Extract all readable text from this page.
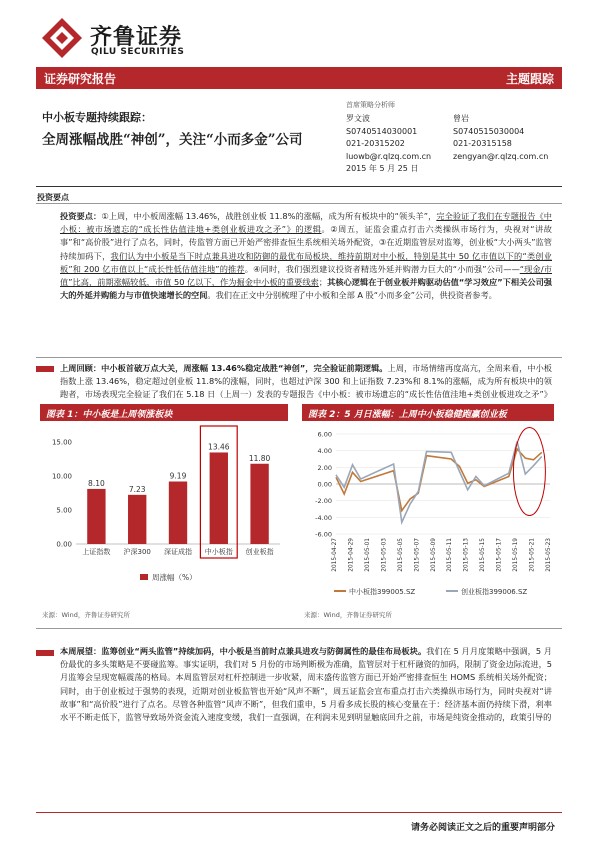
齐鲁证券
QILU SECURITIES
证券研究报告	主题跟踪
中小板专题持续跟踪：
全周涨幅战胜“神创”，关注“小而多金”公司
首席策略分析师
罗文波
S0740514030001
021-20315202
luowb@r.qlzq.com.cn
2015 年 5 月 25 日
曾岩
S0740515030004
021-20315158
zengyan@r.qlzq.com.cn
投资要点
投资要点：①上周，中小板周涨幅 13.46%，战胜创业板 11.8%的涨幅，成为所有板块中的“领头羊”，完全验证了我们在专题报告《中小板：被市场遗忘的“成长性估值洼地+类创业板进攻之矛”》的逻辑。②周五，证监会重点打击六类操纵市场行为，央视对“讲故事”和“高价股”进行了点名，同时，传监管方面已开始严密排查恒生系统相关场外配资，③在近期监管层对监筹，创业板“大小两头”监管持续加码下，我们认为中小板是当下时点兼具进攻和防御的最优布局板块，维持前期对中小板，特别是其中 50 亿市值以下的“类创业板”和 200 亿市值以上“成长性低估值洼地”的推荐。④同时，我们强烈建议投资者精选外延并购潜力巨大的“小而强”公司——“现金/市值”比高，前期涨幅较低，市值 50 亿以下，作为掘金中小板的重要线索；其核心逻辑在于创业板并购驱动估值“学习效应”下相关公司强大的外延并购能力与市值快速增长的空间。我们在正文中分别梳理了中小板和全部 A 股“小而多金”公司，供投资者参考。
上周回顾：中小板首破万点大关，周涨幅 13.46%稳定战胜“神创”，完全验证前期逻辑。上周，市场情绪再度高亢，全周来看，中小板指数上涨 13.46%，稳定超过创业板 11.8%的涨幅，同时，也超过沪深 300 和上证指数 7.23%和 8.1%的涨幅，成为所有板块中的领跑者，市场表现完全验证了我们在 5.18 日（上周一）发表的专题报告《中小板：被市场遗忘的“成长性估值洼地+类创业板进攻之矛”》
图表 1：中小板是上周领涨板块	图表 2：5 月日涨幅：上周中小板稳健跑赢创业板
0.00
5.00
10.00
15.00
8.10
上证指数
7.23
沪深300
9.19
深证成指
13.46
中小板指
11.80
创业板指
周涨幅（%）
-6.00
-4.00
-2.00
0.00
2.00
4.00
6.00
2015-04-27 2015-04-29 2015-05-01 2015-05-03 2015-05-05 2015-05-07 2015-05-09 2015-05-11 2015-05-13 2015-05-15 2015-05-17 2015-05-19 2015-05-21 2015-05-23
中小板指399005.SZ	创业板指399006.SZ
来源：Wind，齐鲁证券研究所	来源：Wind，齐鲁证券研究所
本周展望：监筹创业“两头监管”持续加码，中小板是当前时点兼具进攻与防御属性的最佳布局板块。我们在 5 月月度策略中强调，5 月份最优的多头策略是不要碰监筹。事实证明，我们对 5 月份的市场判断极为准确，监管层对于杠杆融资的加码，限制了资金边际流进，5 月监筹会呈现宽幅震荡的格局。本周监管层对杠杆控制进一步收紧，周末盛传监管方面已开始严密排查恒生 HOMS 系统相关场外配资；同时，由于创业板过于强势的表现，近期对创业板监管也开始“风声不断”，周五证监会宣布重点打击六类操纵市场行为，同时央视对“讲故事”和“高价股”进行了点名。尽管各种监管“风声不断”，但我们重申，5 月看多成长股的核心变量在于：经济基本面仍持续下滑，利率水平不断走低下，监管导致场外资金流入速度变缓，我们一直强调，在利润未见到明显触底回升之前，市场是纯资金推动的，政策引导的
请务必阅读正文之后的重要声明部分
